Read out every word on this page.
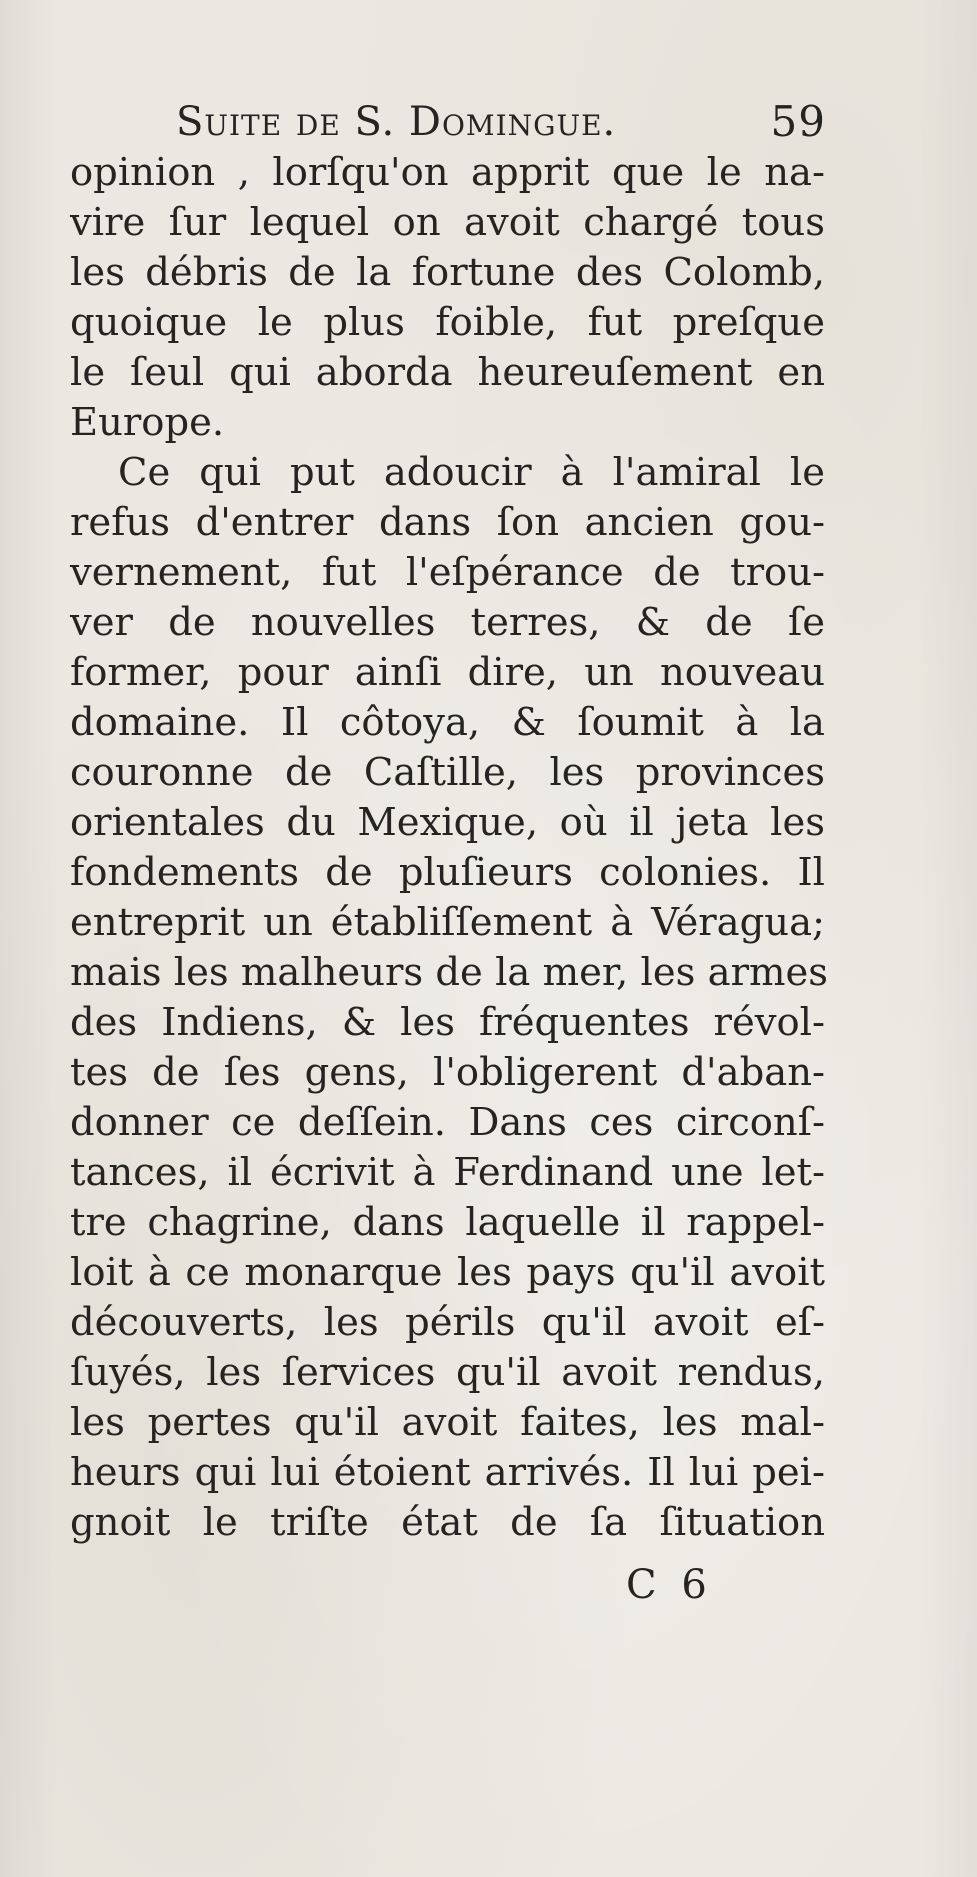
Suite de S. Domingue.	59
opinion , lorſqu'on apprit que le na-
vire ſur lequel on avoit chargé tous
les débris de la fortune des Colomb,
quoique le plus foible, fut preſque
le ſeul qui aborda heureuſement en
Europe.
Ce qui put adoucir à l'amiral le
refus d'entrer dans ſon ancien gou-
vernement, fut l'eſpérance de trou-
ver de nouvelles terres, & de ſe
former, pour ainſi dire, un nouveau
domaine. Il côtoya, & ſoumit à la
couronne de Caſtille, les provinces
orientales du Mexique, où il jeta les
fondements de pluſieurs colonies. Il
entreprit un établiſſement à Véragua;
mais les malheurs de la mer, les armes
des Indiens, & les fréquentes révol-
tes de ſes gens, l'obligerent d'aban-
donner ce deſſein. Dans ces circonſ-
tances, il écrivit à Ferdinand une let-
tre chagrine, dans laquelle il rappel-
loit à ce monarque les pays qu'il avoit
découverts, les périls qu'il avoit eſ-
ſuyés, les ſervices qu'il avoit rendus,
les pertes qu'il avoit faites, les mal-
heurs qui lui étoient arrivés. Il lui pei-
gnoit le triſte état de ſa ſituation
C 6
